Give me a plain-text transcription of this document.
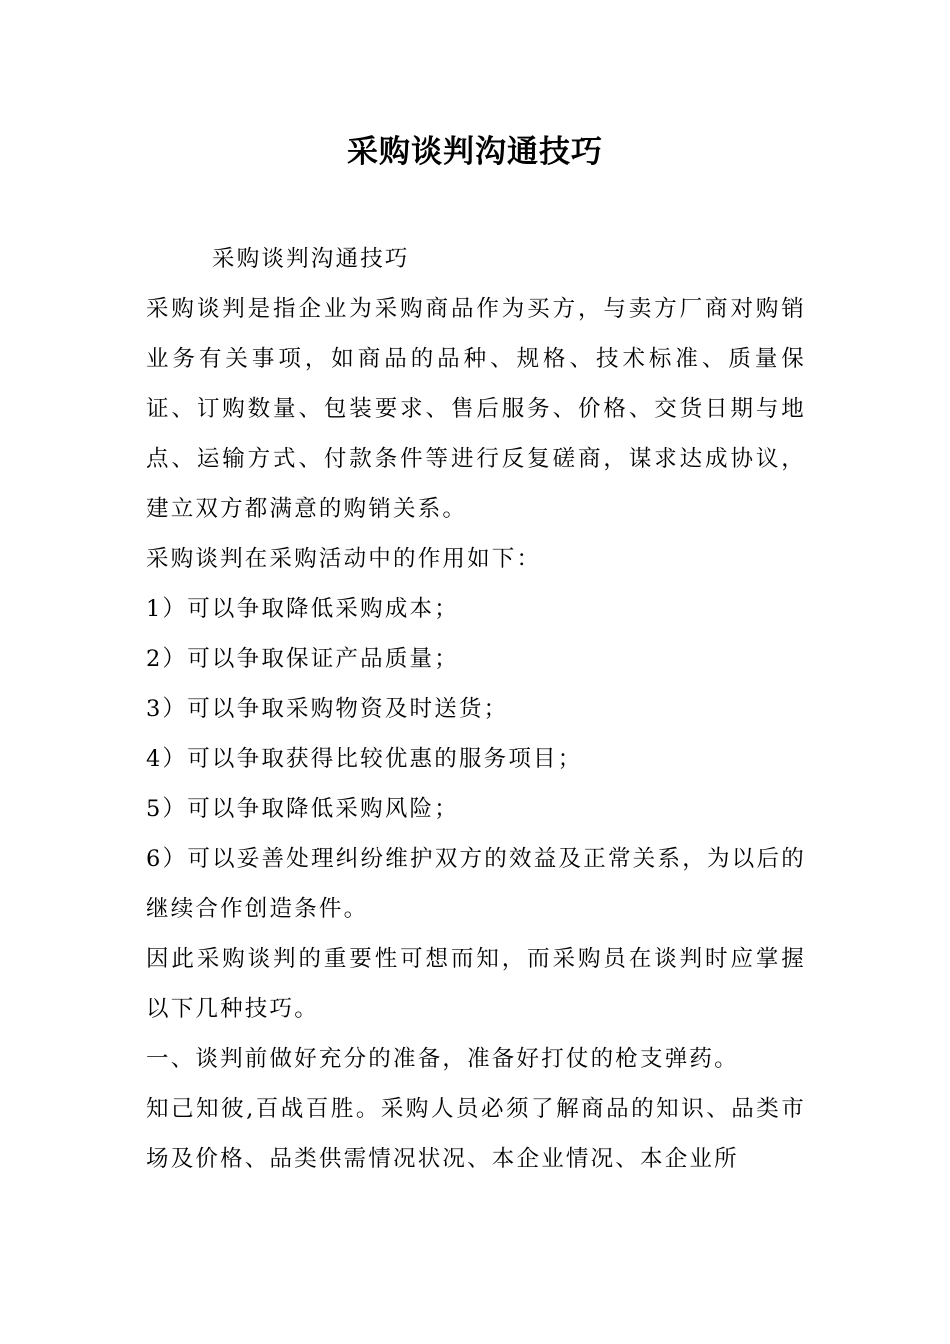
采购谈判沟通技巧

采购谈判沟通技巧

采购谈判是指企业为采购商品作为买方，与卖方厂商对购销业务有关事项，如商品的品种、规格、技术标准、质量保证、订购数量、包装要求、售后服务、价格、交货日期与地点、运输方式、付款条件等进行反复磋商，谋求达成协议，建立双方都满意的购销关系。

采购谈判在采购活动中的作用如下：

1）可以争取降低采购成本；

2）可以争取保证产品质量；

3）可以争取采购物资及时送货；

4）可以争取获得比较优惠的服务项目；

5）可以争取降低采购风险；

6）可以妥善处理纠纷维护双方的效益及正常关系，为以后的继续合作创造条件。

因此采购谈判的重要性可想而知，而采购员在谈判时应掌握以下几种技巧。

一、谈判前做好充分的准备，准备好打仗的枪支弹药。

知己知彼,百战百胜。采购人员必须了解商品的知识、品类市场及价格、品类供需情况状况、本企业情况、本企业所
